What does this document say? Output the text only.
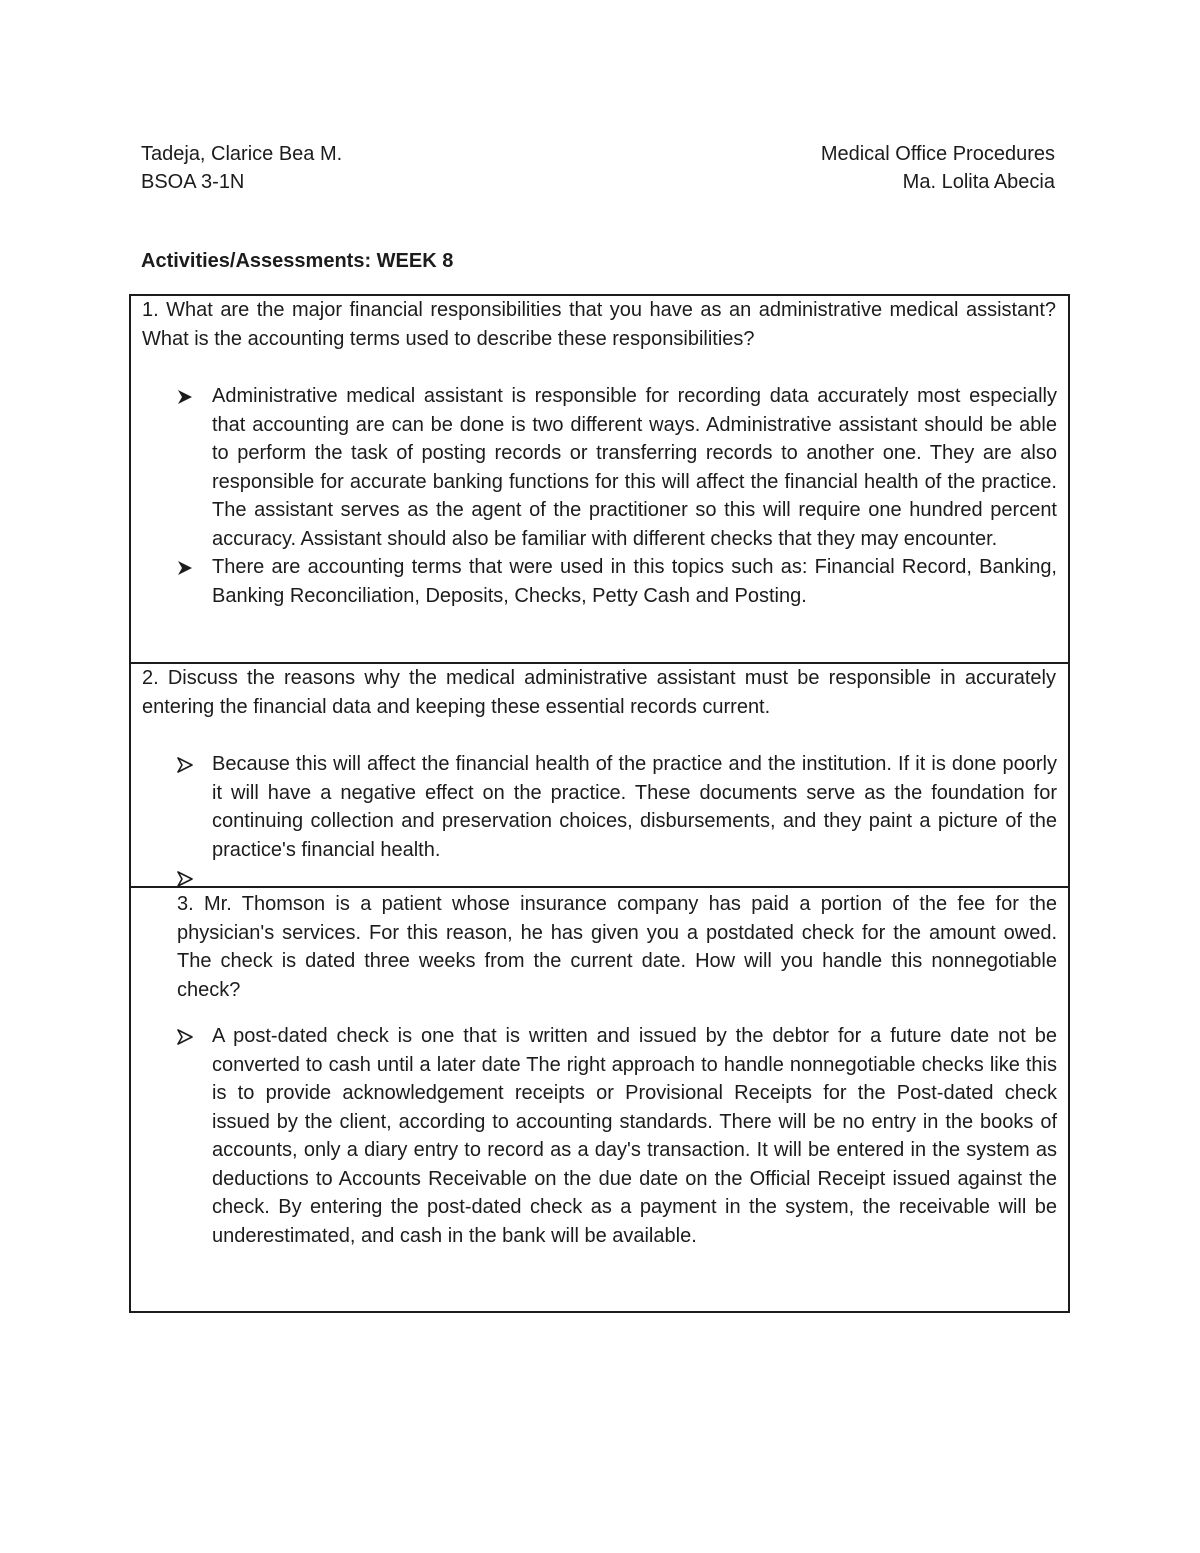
Tadeja, Clarice Bea M.	Medical Office Procedures
BSOA 3-1N	Ma. Lolita Abecia
Activities/Assessments: WEEK 8

1. What are the major financial responsibilities that you have as an administrative medical assistant? What is the accounting terms used to describe these responsibilities?

Administrative medical assistant is responsible for recording data accurately most especially that accounting are can be done is two different ways. Administrative assistant should be able to perform the task of posting records or transferring records to another one. They are also responsible for accurate banking functions for this will affect the financial health of the practice. The assistant serves as the agent of the practitioner so this will require one hundred percent accuracy. Assistant should also be familiar with different checks that they may encounter.
There are accounting terms that were used in this topics such as: Financial Record, Banking, Banking Reconciliation, Deposits, Checks, Petty Cash and Posting.

2. Discuss the reasons why the medical administrative assistant must be responsible in accurately entering the financial data and keeping these essential records current.

Because this will affect the financial health of the practice and the institution. If it is done poorly it will have a negative effect on the practice. These documents serve as the foundation for continuing collection and preservation choices, disbursements, and they paint a picture of the practice's financial health.

3. Mr. Thomson is a patient whose insurance company has paid a portion of the fee for the physician's services. For this reason, he has given you a postdated check for the amount owed. The check is dated three weeks from the current date. How will you handle this nonnegotiable check?

A post-dated check is one that is written and issued by the debtor for a future date not be converted to cash until a later date The right approach to handle nonnegotiable checks like this is to provide acknowledgement receipts or Provisional Receipts for the Post-dated check issued by the client, according to accounting standards. There will be no entry in the books of accounts, only a diary entry to record as a day's transaction. It will be entered in the system as deductions to Accounts Receivable on the due date on the Official Receipt issued against the check. By entering the post-dated check as a payment in the system, the receivable will be underestimated, and cash in the bank will be available.
